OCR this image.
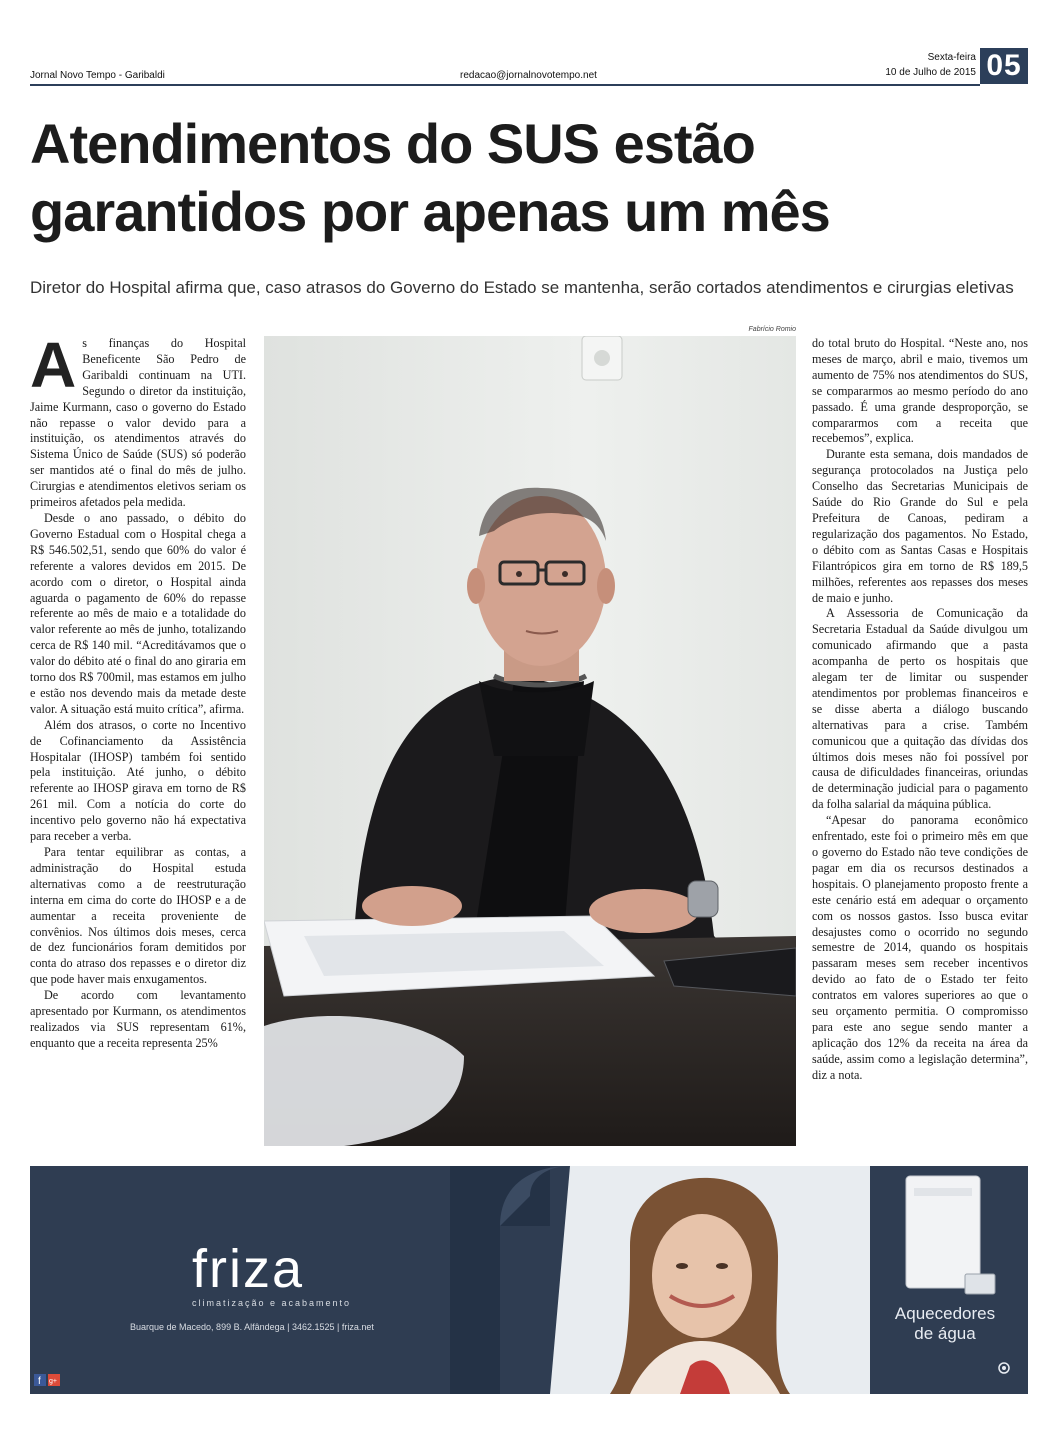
Jornal Novo Tempo - Garibaldi	redacao@jornalnovotempo.net
Sexta-feira
10 de Julho de 2015 05
Atendimentos do SUS estão
garantidos por apenas um mês
Diretor do Hospital afirma que, caso atrasos do Governo do Estado se mantenha, serão cortados atendimentos e cirurgias eletivas
A s finanças do Hospital Beneficente São Pedro de Garibaldi continuam na UTI. Segundo o diretor da instituição, Jaime Kurmann, caso o governo do Estado não repasse o valor devido para a instituição, os atendimentos através do Sistema Único de Saúde (SUS) só poderão ser mantidos até o final do mês de julho. Cirurgias e atendimentos eletivos seriam os primeiros afetados pela medida.

Desde o ano passado, o débito do Governo Estadual com o Hospital chega a R$ 546.502,51, sendo que 60% do valor é referente a valores devidos em 2015. De acordo com o diretor, o Hospital ainda aguarda o pagamento de 60% do repasse referente ao mês de maio e a totalidade do valor referente ao mês de junho, totalizando cerca de R$ 140 mil. “Acreditávamos que o valor do débito até o final do ano giraria em torno dos R$ 700mil, mas estamos em julho e estão nos devendo mais da metade deste valor. A situação está muito crítica”, afirma.

Além dos atrasos, o corte no Incentivo de Cofinanciamento da Assistência Hospitalar (IHOSP) também foi sentido pela instituição. Até junho, o débito referente ao IHOSP girava em torno de R$ 261 mil. Com a notícia do corte do incentivo pelo governo não há expectativa para receber a verba.

Para tentar equilibrar as contas, a administração do Hospital estuda alternativas como a de reestruturação interna em cima do corte do IHOSP e a de aumentar a receita proveniente de convênios. Nos últimos dois meses, cerca de dez funcionários foram demitidos por conta do atraso dos repasses e o diretor diz que pode haver mais enxugamentos.

De acordo com levantamento apresentado por Kurmann, os atendimentos realizados via SUS representam 61%, enquanto que a receita representa 25%

Fabrício Romio

do total bruto do Hospital. “Neste ano, nos meses de março, abril e maio, tivemos um aumento de 75% nos atendimentos do SUS, se compararmos ao mesmo período do ano passado. É uma grande desproporção, se compararmos com a receita que recebemos”, explica.

Durante esta semana, dois mandados de segurança protocolados na Justiça pelo Conselho das Secretarias Municipais de Saúde do Rio Grande do Sul e pela Prefeitura de Canoas, pediram a regularização dos pagamentos. No Estado, o débito com as Santas Casas e Hospitais Filantrópicos gira em torno de R$ 189,5 milhões, referentes aos repasses dos meses de maio e junho.

A Assessoria de Comunicação da Secretaria Estadual da Saúde divulgou um comunicado afirmando que a pasta acompanha de perto os hospitais que alegam ter de limitar ou suspender atendimentos por problemas financeiros e se disse aberta a diálogo buscando alternativas para a crise. Também comunicou que a quitação das dívidas dos últimos dois meses não foi possível por causa de dificuldades financeiras, oriundas de determinação judicial para o pagamento da folha salarial da máquina pública.

“Apesar do panorama econômico enfrentado, este foi o primeiro mês em que o governo do Estado não teve condições de pagar em dia os recursos destinados a hospitais. O planejamento proposto frente a este cenário está em adequar o orçamento com os nossos gastos. Isso busca evitar desajustes como o ocorrido no segundo semestre de 2014, quando os hospitais passaram meses sem receber incentivos devido ao fato de o Estado ter feito contratos em valores superiores ao que o seu orçamento permitia. O compromisso para este ano segue sendo manter a aplicação dos 12% da receita na área da saúde, assim como a legislação determina”, diz a nota.

friza
climatização e acabamento
Buarque de Macedo, 899 B. Alfândega | 3462.1525 | friza.net
f g+
Aquecedores
de água
